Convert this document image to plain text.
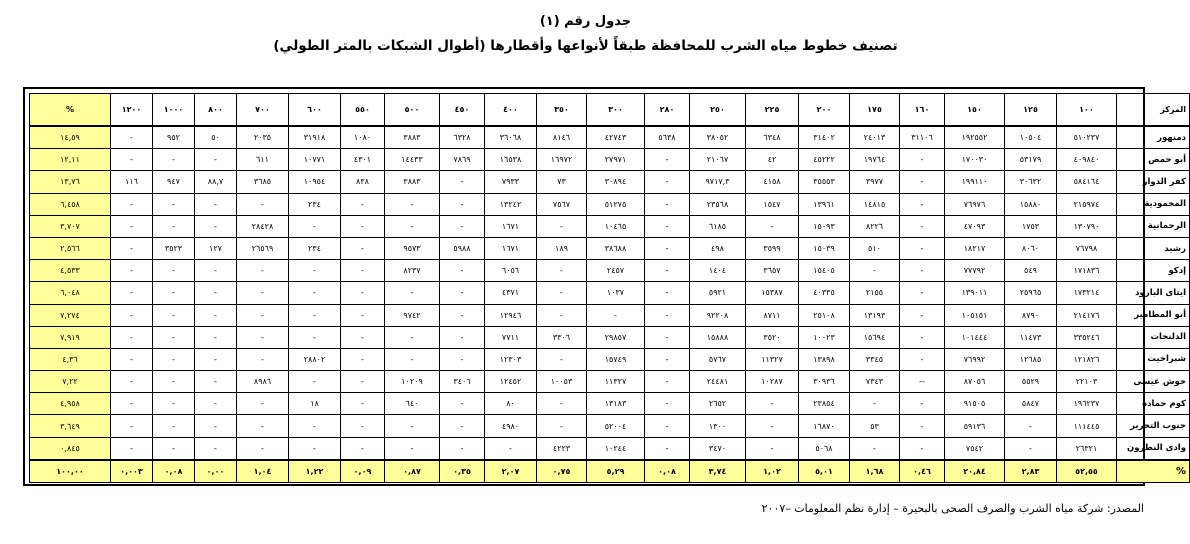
جدول رقم (١)
تصنيف خطوط مياه الشرب للمحافظة طبقاً لأنواعها وأقطارها (أطوال الشبكات بالمتر الطولي)
المركز	١٠٠	١٢٥	١٥٠	١٦٠	١٧٥	٢٠٠	٢٢٥	٢٥٠	٢٨٠	٣٠٠	٣٥٠	٤٠٠	٤٥٠	٥٠٠	٥٥٠	٦٠٠	٧٠٠	٨٠٠	١٠٠٠	١٢٠٠	%
دمنهور	٥١٠٢٣٧	١٠٥٠٤	١٩٢٥٥٢	٣١١٠٦	٢٤٠١٣	٣١٤٠٢	٦٣٤٨	٣٨٠٥٢	٥٦٣٨	٤٢٧٤٣	٨١٤٦	٣٦٠٦٨	٦٣٢٨	٣٨٨٣	١٠٨٠	٣١٩١٨	٢٠٣٥	٥٠	٩٥٢	-	١٤,٥٩
أبو حمص	٤٠٩٨٤٠	٥٣١٧٩	١٧٠٠٣٠	-	١٩٧٦٤	٤٥٢٢٢	٤٢	٢١٠٦٧	-	٢٧٩٧١	١٦٩٧٢	١٦٥٣٨	٧٨٦٩	١٤٤٣٣	٤٣٠١	١٠٧٧١	٦١١	-	-	-	١٢,١١
كفر الدوار	٥٨٤١٦٤	٣٠٦٣٢	١٩٩١١٠	-	٣٩٧٧	٣٥٥٥٣	٤١٥٨	٩٧١٧,٣	-	٣٠٨٩٤	٧٣	٧٩٣٣	-	٣٨٨٣	٨٣٨	١٠٩٥٤	٣٦٨٥	٨٨,٧	٩٤٧	١١٦	١٣,٧٦
المحمودية	٢١٥٩٧٤	١٥٨٨٠	٧٦٩٧٦	-	١٤٨١٥	١٣٩٦١	١٥٤٧	٢٣٥٦٨	-	٥١٢٧٥	٧٥٦٧	١٣٢٤٢	-	-	-	٢٣٤	-	-	-	-	٦,٤٥٨
الرحمانية	١٣٠٧٩٠	١٧٥٣	٤٧٠٩٣	-	٨٢٢٦	١٥٠٩٣	-	٦١٨٥	-	١٠٤٦٥	-	١٦٧١	-	-	-	-	٢٨٤٢٨	-	-	-	٣,٧٠٧
رشيد	٧٦٧٩٨	٨٠٦٠	١٨٢١٧	-	٥١٠	١٥٠٣٩	٣٥٩٩	٤٩٨	-	٣٨٦٨٨	١٨٩	١٦٧١	٥٩٨٨	٩٥٧٣	-	٢٣٤	٢٦٥٦٩	١٢٧	٣٥٢٣	-	٢,٥٦٦
إدكو	١٧١٨٣٦	٥٤٩	٧٧٧٩٢	-	-	١٥٤٠٥	٣٦٥٧	١٤٠٤	-	٢٤٥٧	-	٦٠٥٦	-	٨٢٣٧	-	-	-	-	-	-	٤,٥٣٣
ايتاى البارود	١٧٣٢١٤	٢٥٩٦٥	١٣٩٠١١	-	٢١٥٥	٤٠٣٣٥	١٥٣٨٧	٥٩٢١	-	١٠٣٧	-	٤٣٧١	-	-	-	-	-	-	-	-	٦,٠٤٨
أبو المطامير	٢١٤١٧٦	٨٧٩٠	١٠٥١٥١	-	١٣١٩٣	٢٥١٠٨	٨٧١١	٩٢٢٠٨	-	-	-	١٢٩٤٦	-	٩٧٤٢	-	-	-	-	-	-	٧,٢٧٤
الدلنجات	٣٣٥٢٤٦	١١٤٧٣	١٠١٤٤٤	-	١٥٦٩٤	١٠٠٢٣	٣٥٢٠	١٥٨٨٨	-	٢٩٨٥٧	٣٣٠٦	٧٧١١	-	-	-	-	-	-	-	-	٧,٩١٩
شبراخيت	١٢١٨٢٦	١٢٦٨٥	٧٦٩٩٢	-	٣٣٤٥	١٣٨٩٨	١١٣٢٧	٥٧٦٧	-	١٥٧٤٩	-	١٢٣٠٣	-	-	-	٢٨٨٠٢	-	-	-	-	٤,٣٦
حوش عيسى	٢٢١٠٣	٥٥٢٩	٨٧٠٥٦	--	٧٣٤٣	٣٠٩٣٦	١٠٢٨٧	٢٤٤٨١	-	١١٣٢٧	١٠٠٥٣	١٢٤٥٢	٣٤٠٦	١٠٢٠٩	-	-	٨٩٨٦	-	-	-	٧,٢٢
كوم حمادة	١٩٦٢٣٧	٥٨٤٧	٩١٥٠٥	-	-	٢٣٨٥٤	-	٢٦٥٢	-	١٣١٨٣	-	٨٠	-	٦٤٠	-	١٨	-	-	-	-	٤,٩٥٨
جنوب التحرير	١١١٤٤٥	-	٥٩١٣٦	-	٥٣	١٦٨٧٠	-	١٣٠٠	-	٥٢٠٠٤	-	٤٩٨٠	-	-	-	-	-	-	-	-	٣,٦٤٩
وادى النطرون	٢٦٣٢١	-	٧٥٤٢	-	-	٥٠٦٨	-	٣٤٧٠	-	١٠٢٤٤	٤٢٢٣	-	-	-	-	-	-	-	-	-	٠,٨٤٥
%	٥٢,٥٥	٢,٨٣	٢٠,٨٤	٠,٤٦	١,٦٨	٥,٠١	١,٠٢	٣,٧٤	٠,٠٨	٥,٢٩	٠,٧٥	٢,٠٧	٠,٣٥	٠,٨٧	٠,٠٩	١,٢٢	١,٠٤	٠,٠٠	٠,٠٨	٠,٠٠٣	١٠٠,٠٠
المصدر: شركة مياه الشرب والصرف الصحى بالبحيرة – إدارة نظم المعلومات –٢٠٠٧
